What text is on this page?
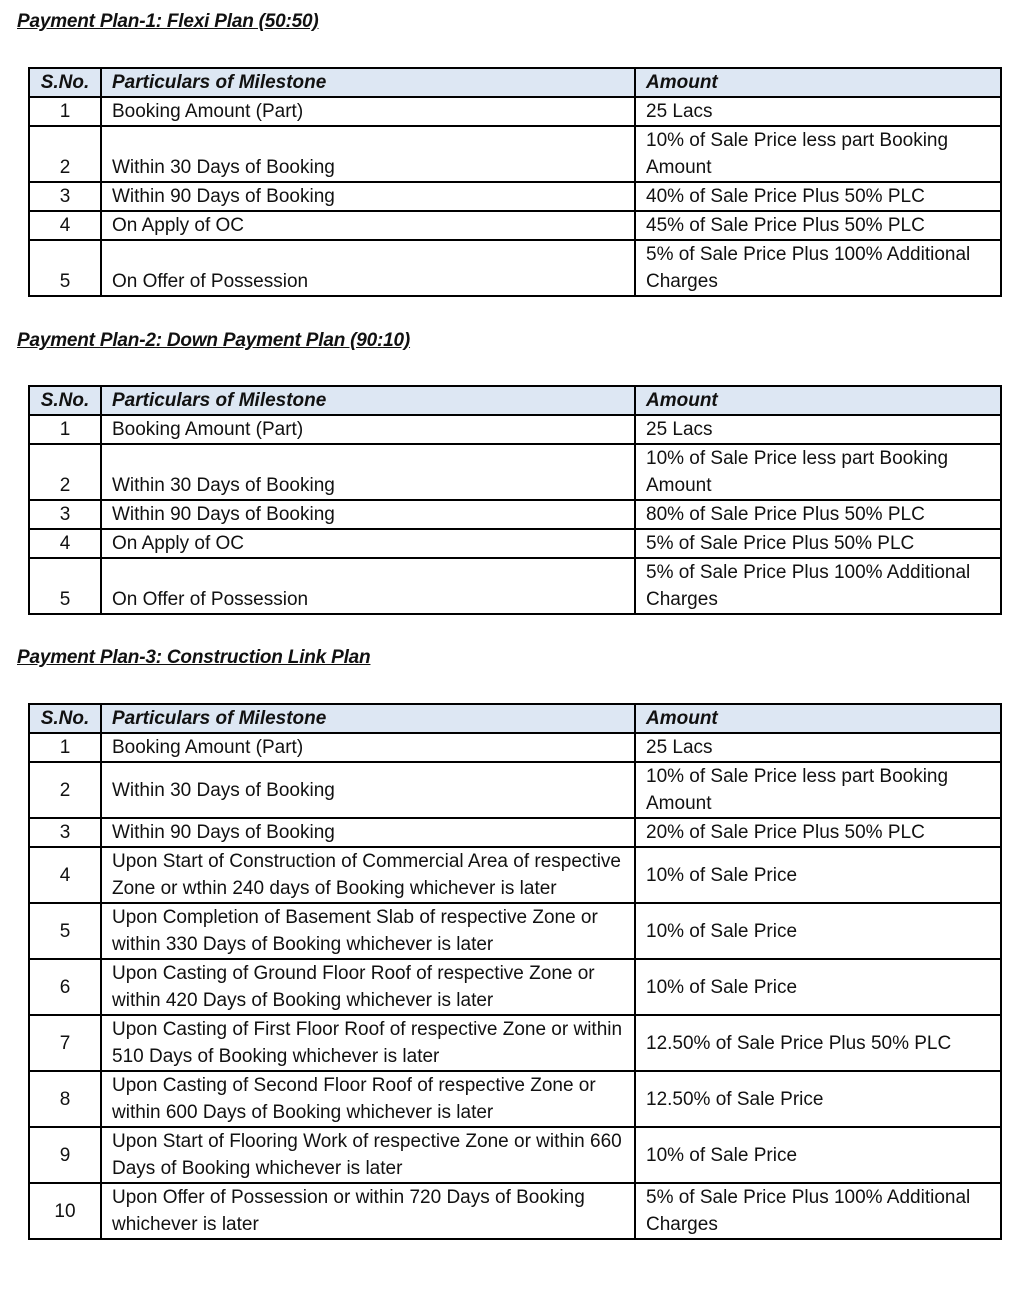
Payment Plan-1: Flexi Plan (50:50)

S.No.	Particulars of Milestone	Amount
1	Booking Amount (Part)	25 Lacs
2	Within 30 Days of Booking	10% of Sale Price less part Booking Amount
3	Within 90 Days of Booking	40% of Sale Price Plus 50% PLC
4	On Apply of OC	45% of Sale Price Plus 50% PLC
5	On Offer of Possession	5% of Sale Price Plus 100% Additional Charges

Payment Plan-2: Down Payment Plan (90:10)

S.No.	Particulars of Milestone	Amount
1	Booking Amount (Part)	25 Lacs
2	Within 30 Days of Booking	10% of Sale Price less part Booking Amount
3	Within 90 Days of Booking	80% of Sale Price Plus 50% PLC
4	On Apply of OC	5% of Sale Price Plus 50% PLC
5	On Offer of Possession	5% of Sale Price Plus 100% Additional Charges

Payment Plan-3: Construction Link Plan

S.No.	Particulars of Milestone	Amount
1	Booking Amount (Part)	25 Lacs
2	Within 30 Days of Booking	10% of Sale Price less part Booking Amount
3	Within 90 Days of Booking	20% of Sale Price Plus 50% PLC
4	Upon Start of Construction of Commercial Area of respective Zone or wthin 240 days of Booking whichever is later	10% of Sale Price
5	Upon Completion of Basement Slab of respective Zone or within 330 Days of Booking whichever is later	10% of Sale Price
6	Upon Casting of Ground Floor Roof of respective Zone or within 420 Days of Booking whichever is later	10% of Sale Price
7	Upon Casting of First Floor Roof of respective Zone or within 510 Days of Booking whichever is later	12.50% of Sale Price Plus 50% PLC
8	Upon Casting of Second Floor Roof of respective Zone or within 600 Days of Booking whichever is later	12.50% of Sale Price
9	Upon Start of Flooring Work of respective Zone or within 660 Days of Booking whichever is later	10% of Sale Price
10	Upon Offer of Possession or within 720 Days of Booking whichever is later	5% of Sale Price Plus 100% Additional Charges
